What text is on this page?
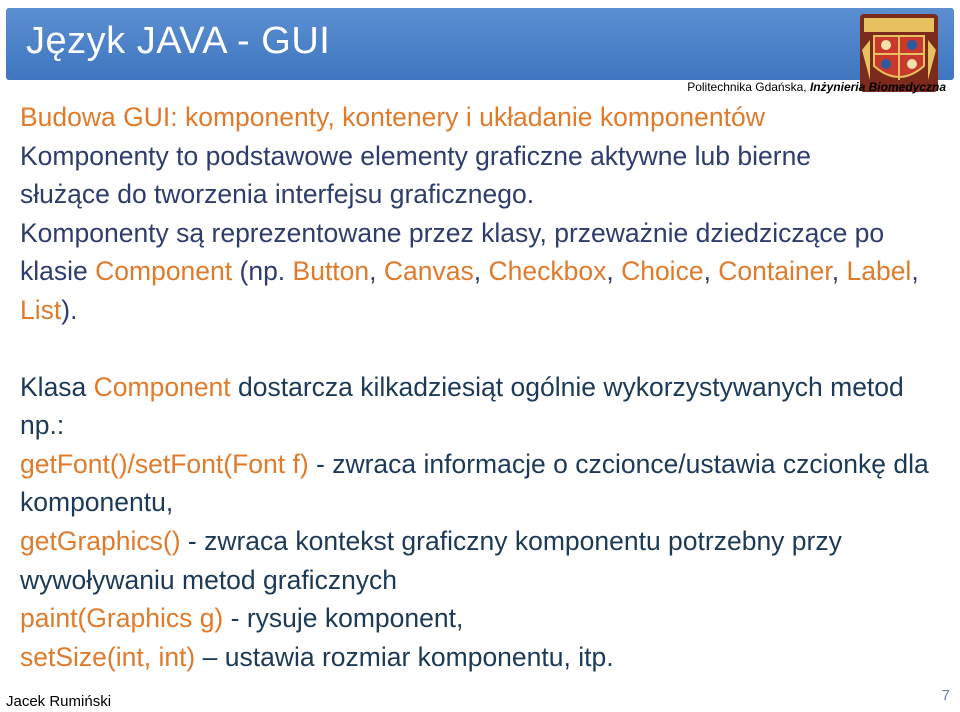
Język JAVA - GUI
Politechnika Gdańska, Inżynieria Biomedyczna

Budowa GUI: komponenty, kontenery i układanie komponentów

Komponenty to podstawowe elementy graficzne aktywne lub bierne
służące do tworzenia interfejsu graficznego.

Komponenty są reprezentowane przez klasy, przeważnie dziedziczące po klasie Component (np. Button, Canvas, Checkbox, Choice, Container, Label, List).

Klasa Component dostarcza kilkadziesiąt ogólnie wykorzystywanych metod np.:

getFont()/setFont(Font f) - zwraca informacje o czcionce/ustawia czcionkę dla komponentu,

getGraphics() - zwraca kontekst graficzny komponentu potrzebny przy wywoływaniu metod graficznych

paint(Graphics g) - rysuje komponent,

setSize(int, int) – ustawia rozmiar komponentu, itp.

Jacek Rumiński	7
